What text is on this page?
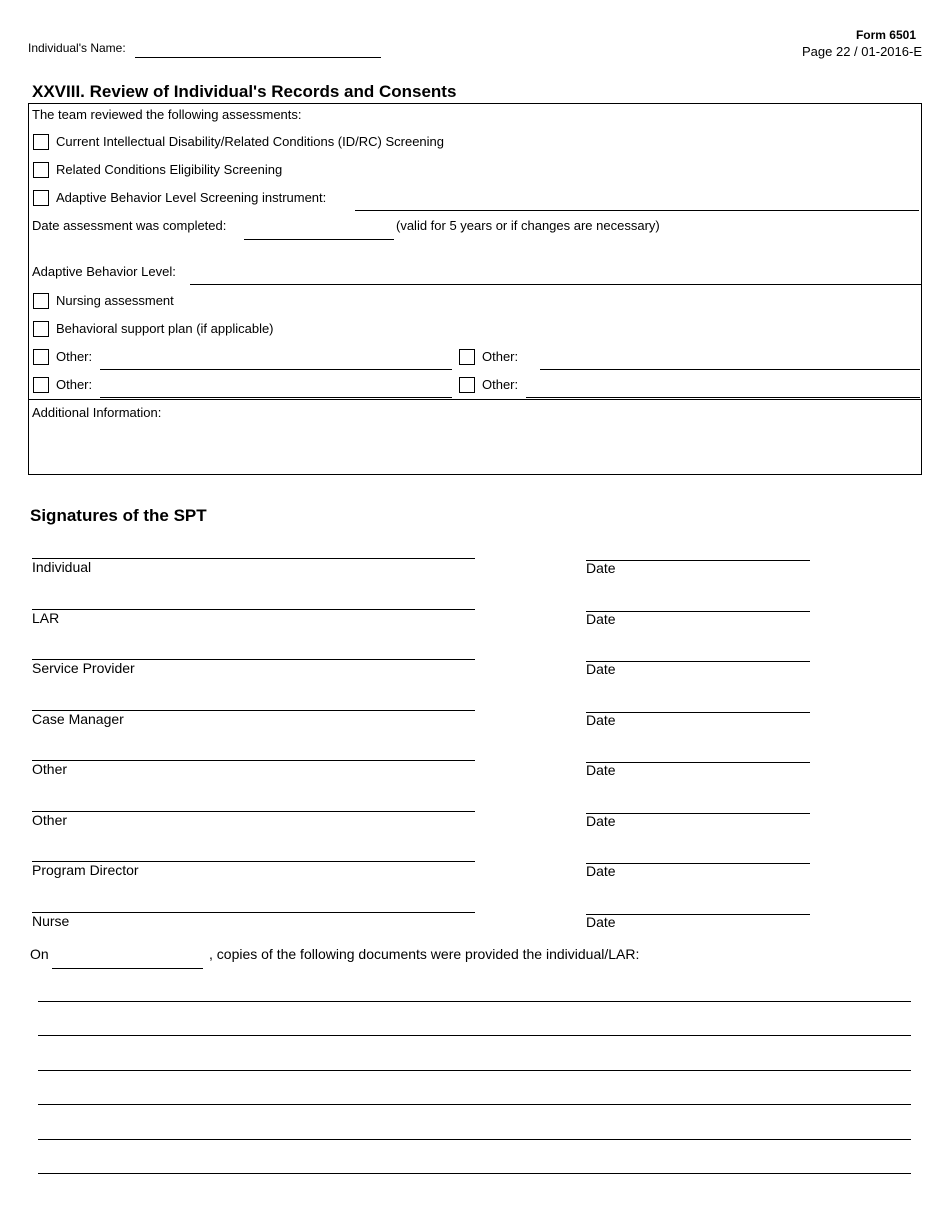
Individual's Name:
Form 6501
Page 22 / 01-2016-E
XXVIII. Review of Individual's Records and Consents
The team reviewed the following assessments:
Current Intellectual Disability/Related Conditions (ID/RC) Screening
Related Conditions Eligibility Screening
Adaptive Behavior Level Screening instrument:
Date assessment was completed:	(valid for 5 years or if changes are necessary)
Adaptive Behavior Level:
Nursing assessment
Behavioral support plan (if applicable)
Other:	Other:
Other:	Other:
Additional Information:
Signatures of the SPT
Individual	Date
LAR	Date
Service Provider	Date
Case Manager	Date
Other	Date
Other	Date
Program Director	Date
Nurse	Date
On	, copies of the following documents were provided the individual/LAR:
